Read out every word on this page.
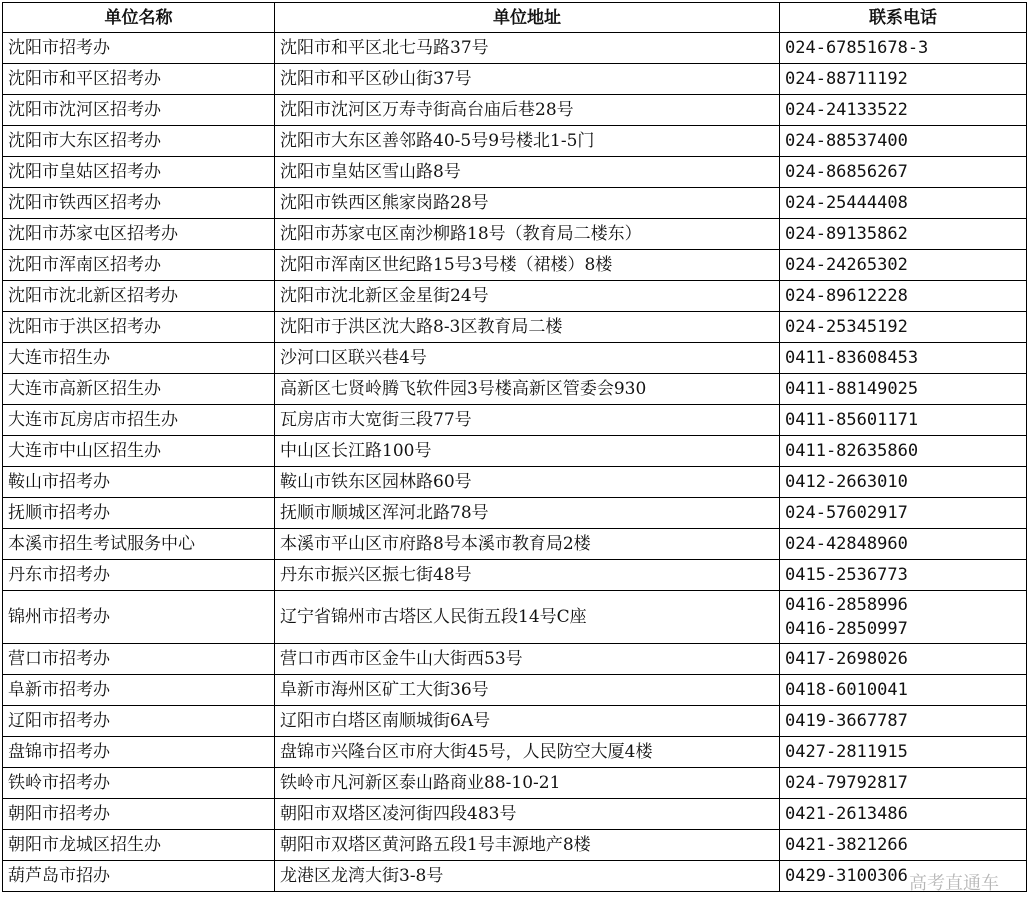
单位名称	单位地址	联系电话
沈阳市招考办	沈阳市和平区北七马路37号	024-67851678-3

沈阳市和平区招考办	沈阳市和平区砂山街37号	024-88711192

沈阳市沈河区招考办	沈阳市沈河区万寿寺街高台庙后巷28号	024-24133522

沈阳市大东区招考办	沈阳市大东区善邻路40-5号9号楼北1-5门	024-88537400

沈阳市皇姑区招考办	沈阳市皇姑区雪山路8号	024-86856267

沈阳市铁西区招考办	沈阳市铁西区熊家岗路28号	024-25444408

沈阳市苏家屯区招考办	沈阳市苏家屯区南沙柳路18号（教育局二楼东）	024-89135862

沈阳市浑南区招考办	沈阳市浑南区世纪路15号3号楼（裙楼）8楼	024-24265302

沈阳市沈北新区招考办	沈阳市沈北新区金星街24号	024-89612228

沈阳市于洪区招考办	沈阳市于洪区沈大路8-3区教育局二楼	024-25345192

大连市招生办	沙河口区联兴巷4号	0411-83608453

大连市高新区招生办	高新区七贤岭腾飞软件园3号楼高新区管委会930	0411-88149025

大连市瓦房店市招生办	瓦房店市大宽街三段77号	0411-85601171

大连市中山区招生办	中山区长江路100号	0411-82635860

鞍山市招考办	鞍山市铁东区园林路60号	0412-2663010

抚顺市招考办	抚顺市顺城区浑河北路78号	024-57602917

本溪市招生考试服务中心	本溪市平山区市府路8号本溪市教育局2楼	024-42848960

丹东市招考办	丹东市振兴区振七街48号	0415-2536773

锦州市招考办	辽宁省锦州市古塔区人民街五段14号C座	0416-2858996
0416-2850997

营口市招考办	营口市西市区金牛山大街西53号	0417-2698026

阜新市招考办	阜新市海州区矿工大街36号	0418-6010041

辽阳市招考办	辽阳市白塔区南顺城街6A号	0419-3667787

盘锦市招考办	盘锦市兴隆台区市府大街45号，人民防空大厦4楼	0427-2811915

铁岭市招考办	铁岭市凡河新区泰山路商业88-10-21	024-79792817

朝阳市招考办	朝阳市双塔区凌河街四段483号	0421-2613486

朝阳市龙城区招生办	朝阳市双塔区黄河路五段1号丰源地产8楼	0421-3821266

葫芦岛市招办	龙港区龙湾大街3-8号	0429-3100306 高考直通车
